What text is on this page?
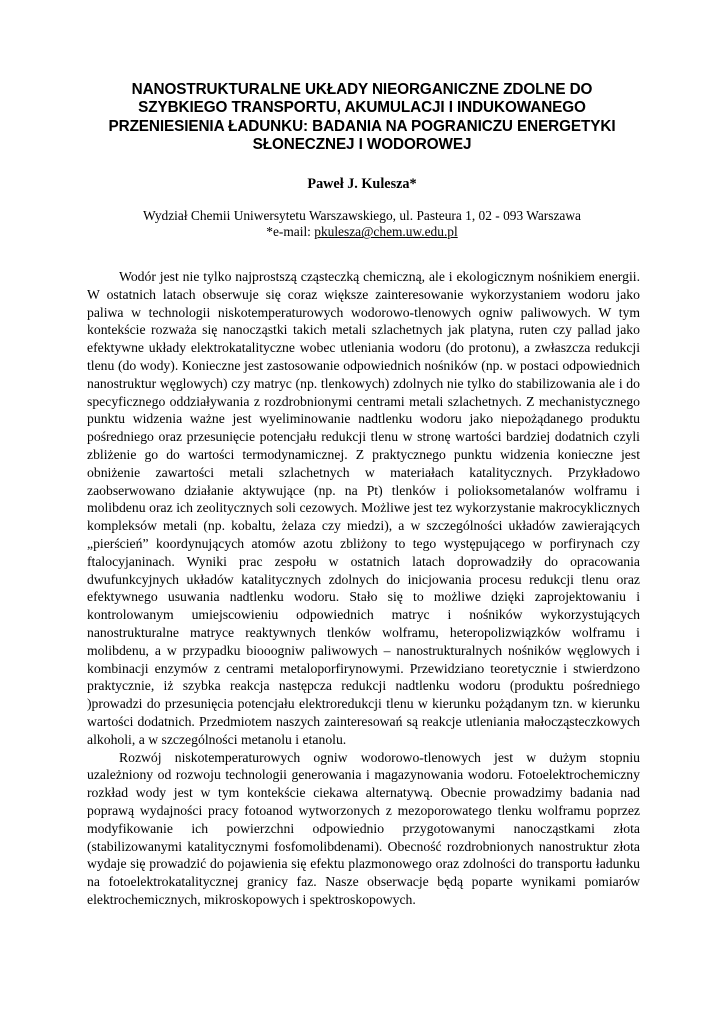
NANOSTRUKTURALNE UKŁADY NIEORGANICZNE ZDOLNE DO SZYBKIEGO TRANSPORTU, AKUMULACJI I INDUKOWANEGO PRZENIESIENIA ŁADUNKU: BADANIA NA POGRANICZU ENERGETYKI SŁONECZNEJ I WODOROWEJ

Paweł J. Kulesza*

Wydział Chemii Uniwersytetu Warszawskiego, ul. Pasteura 1, 02 - 093 Warszawa
*e-mail: pkulesza@chem.uw.edu.pl

Wodór jest nie tylko najprostszą cząsteczką chemiczną, ale i ekologicznym nośnikiem energii. W ostatnich latach obserwuje się coraz większe zainteresowanie wykorzystaniem wodoru jako paliwa w technologii niskotemperaturowych wodorowo-tlenowych ogniw paliwowych. W tym kontekście rozważa się nanocząstki takich metali szlachetnych jak platyna, ruten czy pallad jako efektywne układy elektrokatalityczne wobec utleniania wodoru (do protonu), a zwłaszcza redukcji tlenu (do wody). Konieczne jest zastosowanie odpowiednich nośników (np. w postaci odpowiednich nanostruktur węglowych) czy matryc (np. tlenkowych) zdolnych nie tylko do stabilizowania ale i do specyficznego oddziaływania z rozdrobnionymi centrami metali szlachetnych. Z mechanistycznego punktu widzenia ważne jest wyeliminowanie nadtlenku wodoru jako niepożądanego produktu pośredniego oraz przesunięcie potencjału redukcji tlenu w stronę wartości bardziej dodatnich czyli zbliżenie go do wartości termodynamicznej. Z praktycznego punktu widzenia konieczne jest obniżenie zawartości metali szlachetnych w materiałach katalitycznych. Przykładowo zaobserwowano działanie aktywujące (np. na Pt) tlenków i polioksometalanów wolframu i molibdenu oraz ich zeolitycznych soli cezowych. Możliwe jest tez wykorzystanie makrocyklicznych kompleksów metali (np. kobaltu, żelaza czy miedzi), a w szczególności układów zawierających „pierścień” koordynujących atomów azotu zbliżony to tego występującego w porfirynach czy ftalocyjaninach. Wyniki prac zespołu w ostatnich latach doprowadziły do opracowania dwufunkcyjnych układów katalitycznych zdolnych do inicjowania procesu redukcji tlenu oraz efektywnego usuwania nadtlenku wodoru. Stało się to możliwe dzięki zaprojektowaniu i kontrolowanym umiejscowieniu odpowiednich matryc i nośników wykorzystujących nanostrukturalne matryce reaktywnych tlenków wolframu, heteropolizwiązków wolframu i molibdenu, a w przypadku biooogniw paliwowych – nanostrukturalnych nośników węglowych i kombinacji enzymów z centrami metaloporfirynowymi. Przewidziano teoretycznie i stwierdzono praktycznie, iż szybka reakcja następcza redukcji nadtlenku wodoru (produktu pośredniego )prowadzi do przesunięcia potencjału elektroredukcji tlenu w kierunku pożądanym tzn. w kierunku wartości dodatnich. Przedmiotem naszych zainteresowań są reakcje utleniania małocząsteczkowych alkoholi, a w szczególności metanolu i etanolu.

Rozwój niskotemperaturowych ogniw wodorowo-tlenowych jest w dużym stopniu uzależniony od rozwoju technologii generowania i magazynowania wodoru. Fotoelektrochemiczny rozkład wody jest w tym kontekście ciekawa alternatywą. Obecnie prowadzimy badania nad poprawą wydajności pracy fotoanod wytworzonych z mezoporowatego tlenku wolframu poprzez modyfikowanie ich powierzchni odpowiednio przygotowanymi nanocząstkami złota (stabilizowanymi katalitycznymi fosfomolibdenami). Obecność rozdrobnionych nanostruktur złota wydaje się prowadzić do pojawienia się efektu plazmonowego oraz zdolności do transportu ładunku na fotoelektrokatalitycznej granicy faz. Nasze obserwacje będą poparte wynikami pomiarów elektrochemicznych, mikroskopowych i spektroskopowych.
